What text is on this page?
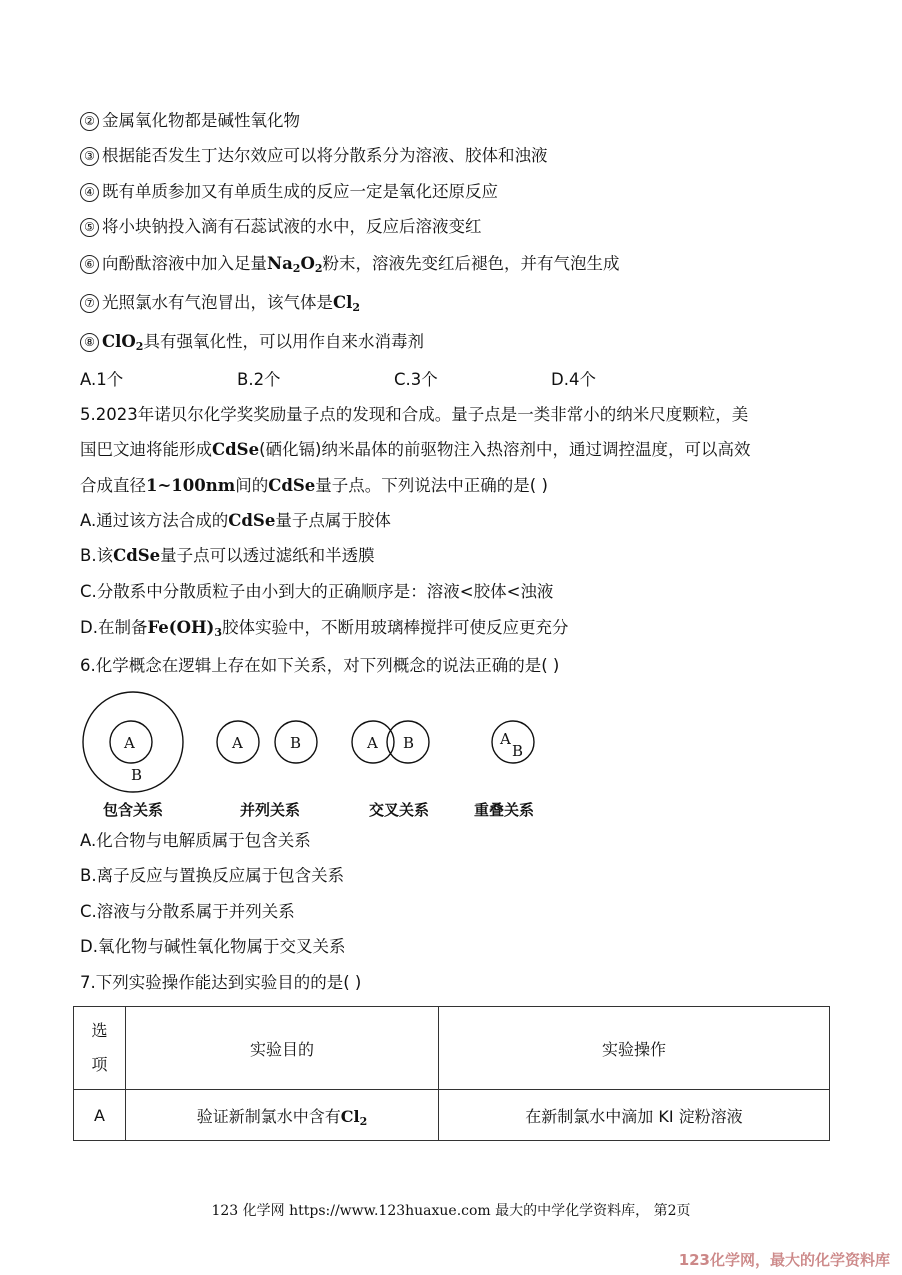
② 金属氧化物都是碱性氧化物
③ 根据能否发生丁达尔效应可以将分散系分为溶液、胶体和浊液
④ 既有单质参加又有单质生成的反应一定是氧化还原反应
⑤ 将小块钠投入滴有石蕊试液的水中，反应后溶液变红
⑥ 向酚酞溶液中加入足量$Na_2O_2$粉末，溶液先变红后褪色，并有气泡生成
⑦ 光照氯水有气泡冒出，该气体是$Cl_2$
⑧ ClO$_2$具有强氧化性，可以用作自来水消毒剂
A.1个	B.2个	C.3个	D.4个
5.2023年诺贝尔化学奖奖励量子点的发现和合成。量子点是一类非常小的纳米尺度颗粒，美
国巴文迪将能形成CdSe(硒化镉)纳米晶体的前驱物注入热溶剂中，通过调控温度，可以高效
合成直径1~100nm间的CdSe量子点。下列说法中正确的是( )
A.通过该方法合成的CdSe量子点属于胶体
B.该CdSe量子点可以透过滤纸和半透膜
C.分散系中分散质粒子由小到大的正确顺序是：溶液<胶体<浊液
D.在制备$Fe(OH)_3$胶体实验中，不断用玻璃棒搅拌可使反应更充分
6.化学概念在逻辑上存在如下关系，对下列概念的说法正确的是( )
A
B
A	B	A B	A
B
包含关系	并列关系	交叉关系	重叠关系
A.化合物与电解质属于包含关系
B.离子反应与置换反应属于包含关系
C.溶液与分散系属于并列关系
D.氧化物与碱性氧化物属于交叉关系
7.下列实验操作能达到实验目的的是( )
选项	实验目的	实验操作
A	验证新制氯水中含有$Cl_2$	在新制氯水中滴加 KI 淀粉溶液
123 化学网 https://www.123huaxue.com 最大的中学化学资料库， 第2页
123化学网，最大的化学资料库
